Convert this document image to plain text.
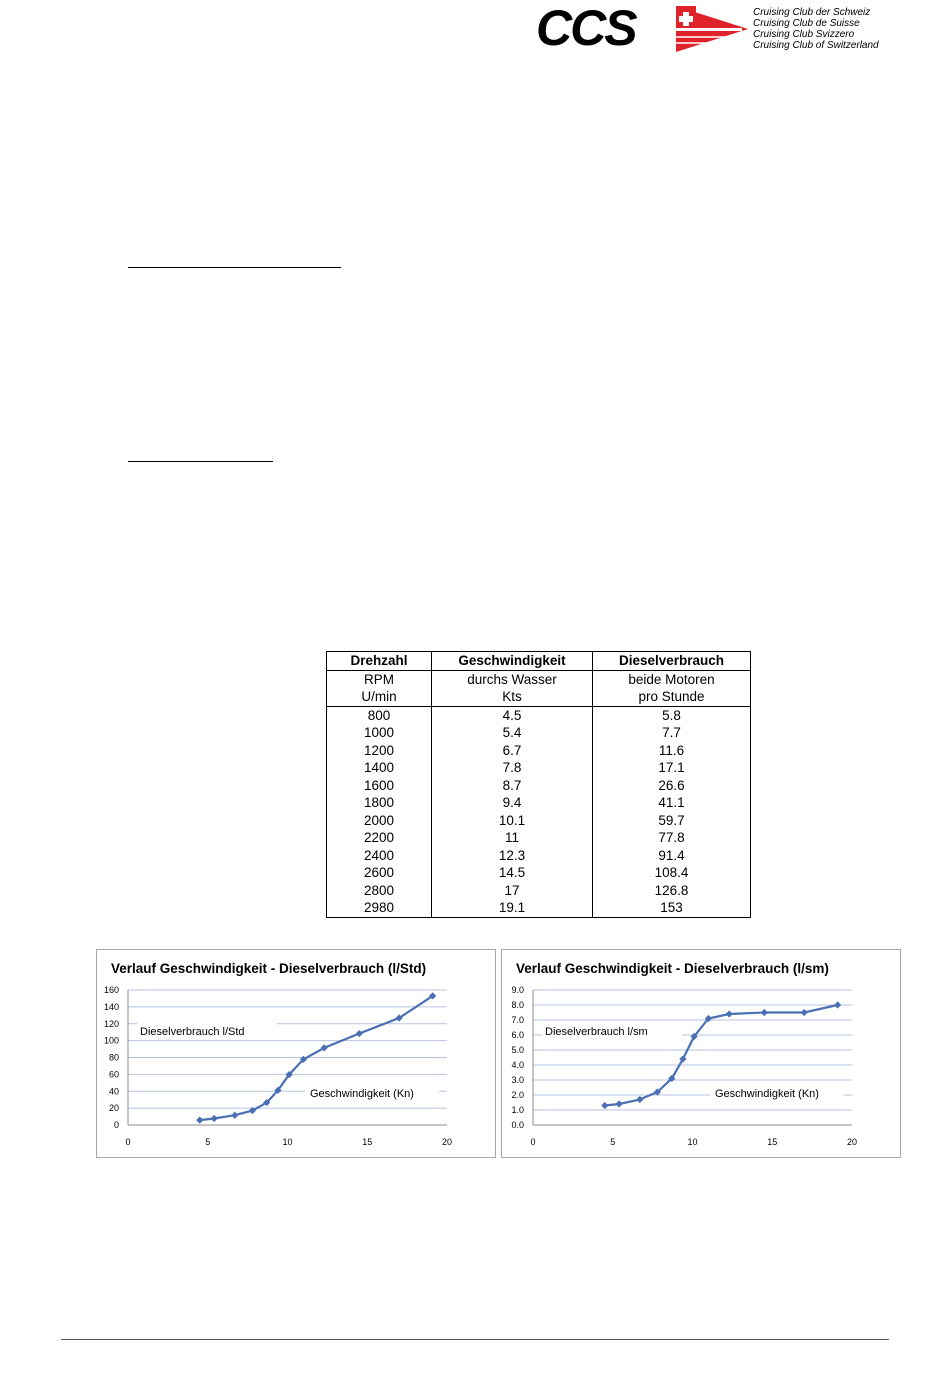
CCS	Cruising Club der Schweiz
Cruising Club de Suisse
Cruising Club Svizzero
Cruising Club of Switzerland
Drehzahl	Geschwindigkeit	Dieselverbrauch
RPM	durchs Wasser	beide Motoren
U/min	Kts	pro Stunde
800	4.5	5.8
1000	5.4	7.7
1200	6.7	11.6
1400	7.8	17.1
1600	8.7	26.6
1800	9.4	41.1
2000	10.1	59.7
2200	11	77.8
2400	12.3	91.4
2600	14.5	108.4
2800	17	126.8
2980	19.1	153
Verlauf Geschwindigkeit - Dieselverbrauch (l/Std)
0
20
40
60
80
100
120
140
160
0	5	10	15	20
Dieselverbrauch l/Std
Geschwindigkeit (Kn)
Verlauf Geschwindigkeit - Dieselverbrauch (l/sm)
0.0
1.0
2.0
3.0
4.0
5.0
6.0
7.0
8.0
9.0
0	5	10	15	20
Dieselverbrauch l/sm
Geschwindigkeit (Kn)
